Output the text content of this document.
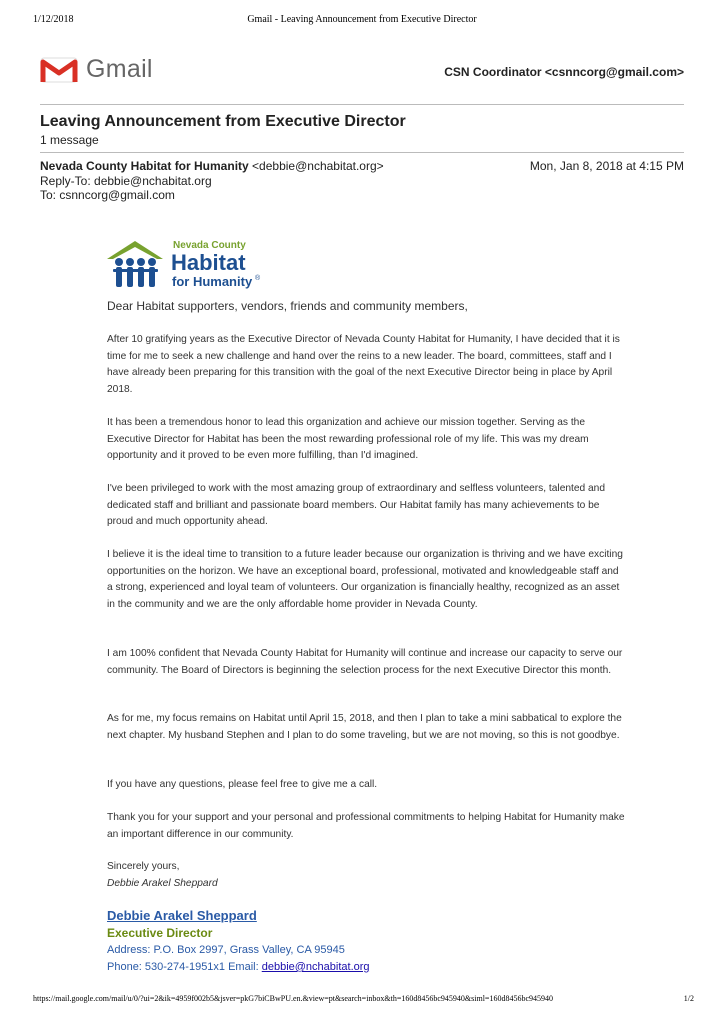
1/12/2018	Gmail - Leaving Announcement from Executive Director
Gmail	CSN Coordinator <csnncorg@gmail.com>
Leaving Announcement from Executive Director
1 message
Nevada County Habitat for Humanity <debbie@nchabitat.org>	Mon, Jan 8, 2018 at 4:15 PM
Reply-To: debbie@nchabitat.org
To: csnncorg@gmail.com
Nevada County
Habitat
for Humanity ®
Dear Habitat supporters, vendors, friends and community members,

After 10 gratifying years as the Executive Director of Nevada County Habitat for Humanity, I have decided that it is time for me to seek a new challenge and hand over the reins to a new leader. The board, committees, staff and I have already been preparing for this transition with the goal of the next Executive Director being in place by April 2018.

It has been a tremendous honor to lead this organization and achieve our mission together. Serving as the Executive Director for Habitat has been the most rewarding professional role of my life. This was my dream opportunity and it proved to be even more fulfilling, than I'd imagined.

I've been privileged to work with the most amazing group of extraordinary and selfless volunteers, talented and dedicated staff and brilliant and passionate board members. Our Habitat family has many achievements to be proud and much opportunity ahead.

I believe it is the ideal time to transition to a future leader because our organization is thriving and we have exciting opportunities on the horizon. We have an exceptional board, professional, motivated and knowledgeable staff and a strong, experienced and loyal team of volunteers. Our organization is financially healthy, recognized as an asset in the community and we are the only affordable home provider in Nevada County.

I am 100% confident that Nevada County Habitat for Humanity will continue and increase our capacity to serve our community. The Board of Directors is beginning the selection process for the next Executive Director this month.

As for me, my focus remains on Habitat until April 15, 2018, and then I plan to take a mini sabbatical to explore the next chapter. My husband Stephen and I plan to do some traveling, but we are not moving, so this is not goodbye.

If you have any questions, please feel free to give me a call.

Thank you for your support and your personal and professional commitments to helping Habitat for Humanity make an important difference in our community.

Sincerely yours,
Debbie Arakel Sheppard
Debbie Arakel Sheppard
Executive Director
Address: P.O. Box 2997, Grass Valley, CA 95945
Phone: 530-274-1951x1 Email: debbie@nchabitat.org
https://mail.google.com/mail/u/0/?ui=2&ik=4959f002b5&jsver=pkG7biCBwPU.en.&view=pt&search=inbox&th=160d8456bc945940&siml=160d8456bc945940	1/2
